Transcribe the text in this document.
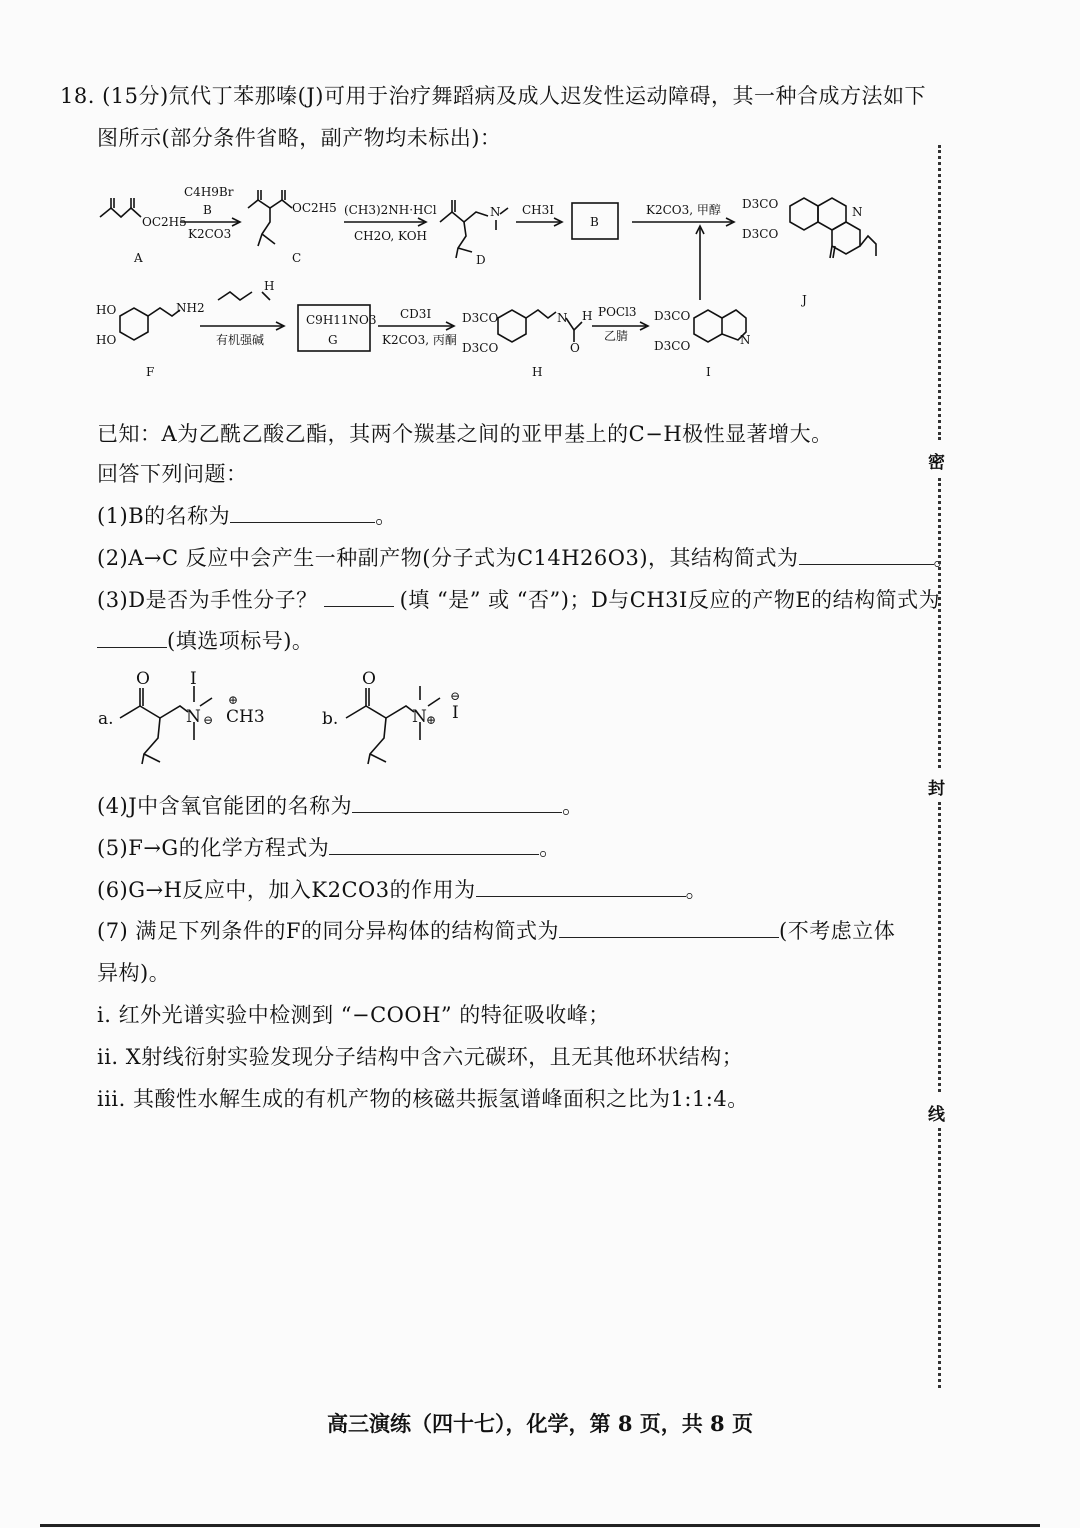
18. (15分)氘代丁苯那嗪(J)可用于治疗舞蹈病及成人迟发性运动障碍，其一种合成方法如下
图所示(部分条件省略，副产物均未标出)：
OC2H5
C4H9Br
B
K2CO3
OC2H5 (CH3)2NH·HCl
CH2O, KOH
N CH3I
B
K2CO3, 甲醇 D3CO
D3CO
N
HO
HO
NH2
H
有机强碱
C9H11NO3
G
CD3I
K2CO3, 丙酮
D3CO
D3CO
N H
O
POCl3
乙腈
D3CO
D3CO	N
A	C	D
J
F	H	I
已知：A为乙酰乙酸乙酯，其两个羰基之间的亚甲基上的C−H极性显著增大。
回答下列问题：
(1)B的名称为	。
(2)A→C 反应中会产生一种副产物(分子式为C14H26O3)，其结构简式为	。
(3)D是否为手性分子？	(填 “是” 或 “否”)；D与CH3I反应的产物E的结构简式为
(填选项标号)。
a.
O I
N CH3	b.
O
N I
⊖
⊕
⊕
⊖
(4)J中含氧官能团的名称为	。
(5)F→G的化学方程式为	。
(6)G→H反应中，加入K2CO3的作用为	。
(7) 满足下列条件的F的同分异构体的结构简式为	(不考虑立体
异构)。
i. 红外光谱实验中检测到 “−COOH” 的特征吸收峰；
ii. X射线衍射实验发现分子结构中含六元碳环，且无其他环状结构；
iii. 其酸性水解生成的有机产物的核磁共振氢谱峰面积之比为1:1:4。
密
封
线
高三演练（四十七），化学，第 8 页，共 8 页
